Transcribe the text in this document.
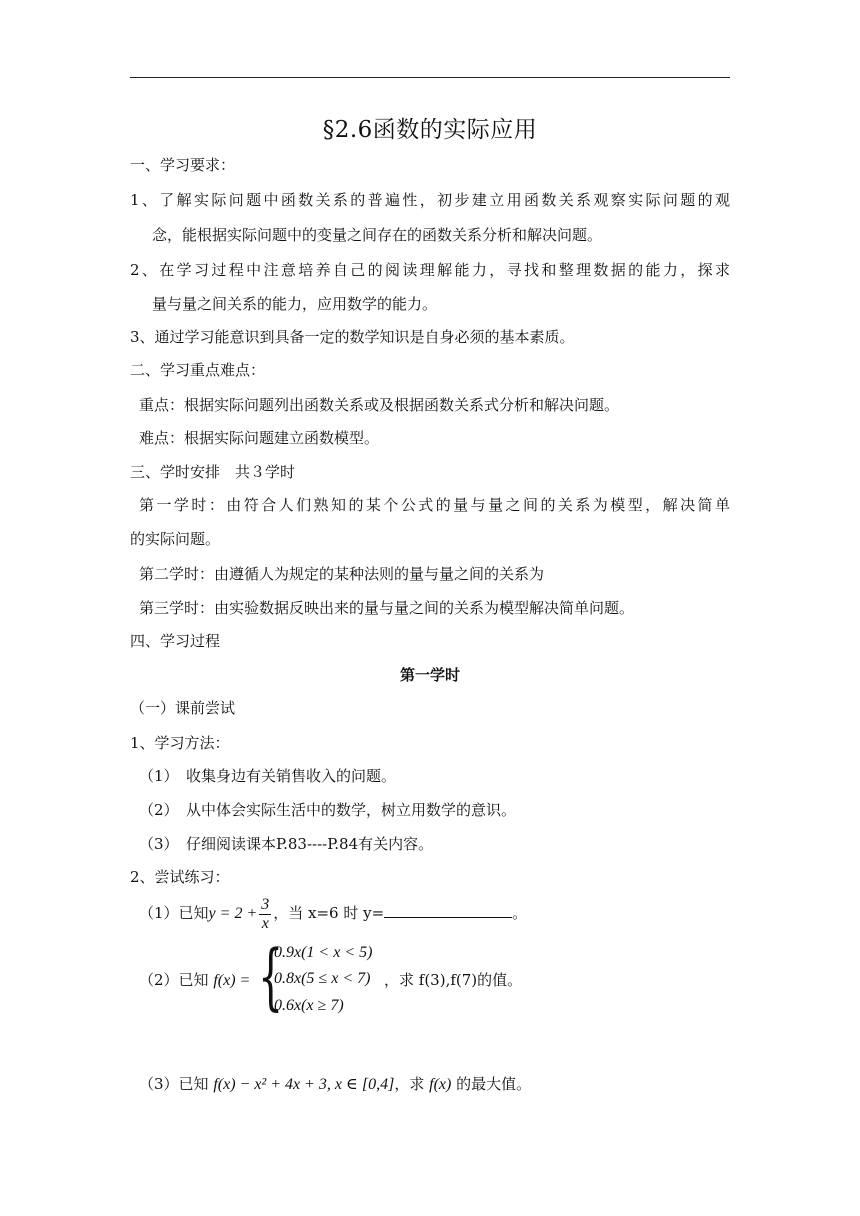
§2.6函数的实际应用
一、学习要求：
1、了解实际问题中函数关系的普遍性，初步建立用函数关系观察实际问题的观
念，能根据实际问题中的变量之间存在的函数关系分析和解决问题。
2、在学习过程中注意培养自己的阅读理解能力，寻找和整理数据的能力，探求
量与量之间关系的能力，应用数学的能力。
3、通过学习能意识到具备一定的数学知识是自身必须的基本素质。
二、学习重点难点：
重点：根据实际问题列出函数关系或及根据函数关系式分析和解决问题。
难点：根据实际问题建立函数模型。
三、学时安排　共３学时
第一学时：由符合人们熟知的某个公式的量与量之间的关系为模型，解决简单
的实际问题。
第二学时：由遵循人为规定的某种法则的量与量之间的关系为
第三学时：由实验数据反映出来的量与量之间的关系为模型解决简单问题。
四、学习过程
第一学时
（一）课前尝试
1、学习方法：
（1）　收集身边有关销售收入的问题。
（2）　从中体会实际生活中的数学，树立用数学的意识。
（3）　仔细阅读课本P.83----P.84有关内容。
2、尝试练习：
（1）已知$y = 2 + \frac{3}{x}$ ，当 x=6 时 y=	。
（2）已知 f(x) = {
0.9x(1 < x < 5)
0.8x(5 ≤ x < 7)
0.6x(x ≥ 7)
，求 f(3),f(7)的值。
（3）已知 f(x) − x² + 4x + 3, x ∈ [0,4]，求 f(x) 的最大值。
